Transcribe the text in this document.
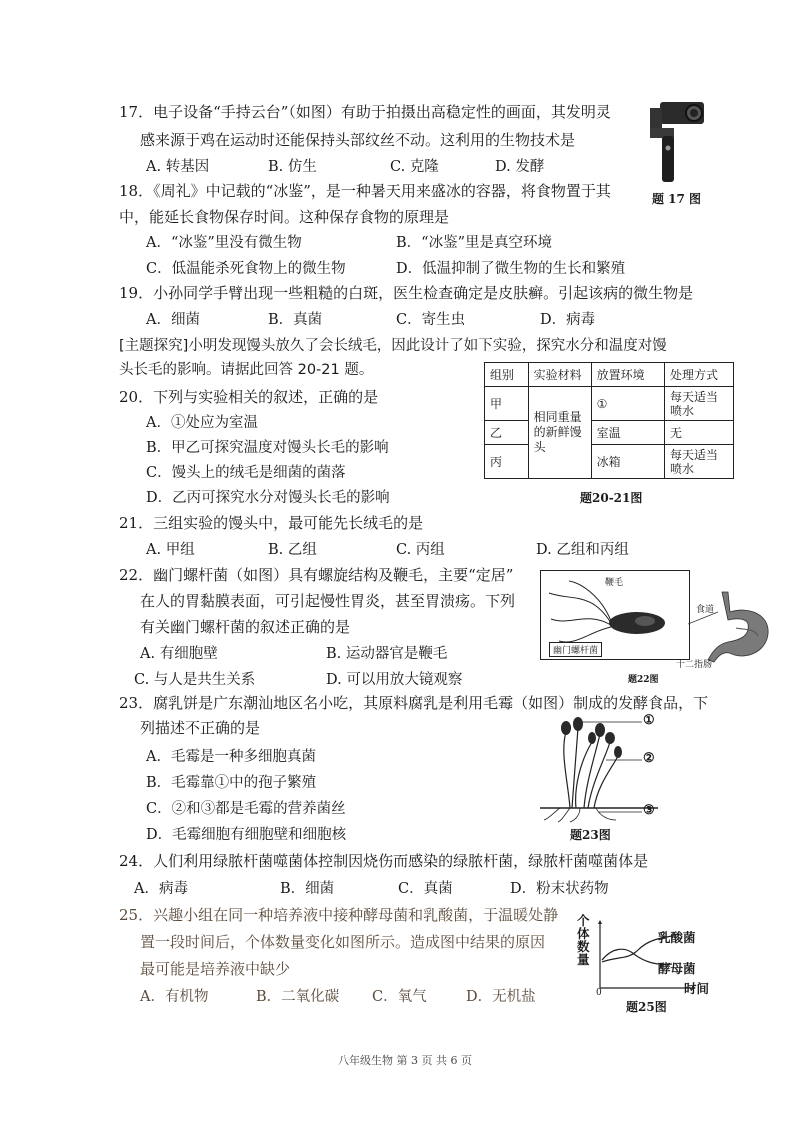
17．电子设备“手持云台”（如图）有助于拍摄出高稳定性的画面，其发明灵
感来源于鸡在运动时还能保持头部纹丝不动。这利用的生物技术是
A. 转基因	B. 仿生	C. 克隆	D. 发酵
题 17 图
18．《周礼》中记载的“冰鉴”，是一种暑天用来盛冰的容器，将食物置于其
中，能延长食物保存时间。这种保存食物的原理是
A．“冰鉴”里没有微生物	B．“冰鉴”里是真空环境
C．低温能杀死食物上的微生物	D．低温抑制了微生物的生长和繁殖
19．小孙同学手臂出现一些粗糙的白斑，医生检查确定是皮肤癣。引起该病的微生物是
A．细菌	B．真菌	C．寄生虫	D．病毒
[主题探究]小明发现馒头放久了会长绒毛，因此设计了如下实验，探究水分和温度对馒
头长毛的影响。请据此回答 20-21 题。
20．下列与实验相关的叙述，正确的是
A．①处应为室温
B．甲乙可探究温度对馒头长毛的影响
C．馒头上的绒毛是细菌的菌落
D．乙丙可探究水分对馒头长毛的影响
组别	实验材料	放置环境	处理方式
甲	相同重量的新鲜馒头	①	每天适当喷水
乙		室温	无
丙		冰箱	每天适当喷水
题20-21图
21．三组实验的馒头中，最可能先长绒毛的是
A. 甲组	B. 乙组	C. 丙组	D. 乙组和丙组
22．幽门螺杆菌（如图）具有螺旋结构及鞭毛，主要“定居”
在人的胃黏膜表面，可引起慢性胃炎，甚至胃溃疡。下列
有关幽门螺杆菌的叙述正确的是
A. 有细胞壁	B. 运动器官是鞭毛
C. 与人是共生关系	D. 可以用放大镜观察
鞭毛
幽门螺杆菌
食道
十二指肠
题22图
23．腐乳饼是广东潮汕地区名小吃，其原料腐乳是利用毛霉（如图）制成的发酵食品，下
列描述不正确的是
A．毛霉是一种多细胞真菌
B．毛霉靠①中的孢子繁殖
C．②和③都是毛霉的营养菌丝
D．毛霉细胞有细胞壁和细胞核
①
②
③
题23图
24．人们利用绿脓杆菌噬菌体控制因烧伤而感染的绿脓杆菌，绿脓杆菌噬菌体是
A．病毒	B．细菌	C．真菌	D．粉末状药物
25．兴趣小组在同一种培养液中接种酵母菌和乳酸菌，于温暖处静
置一段时间后，个体数量变化如图所示。造成图中结果的原因
最可能是培养液中缺少
A．有机物	B．二氧化碳 C．氧气	D．无机盐
个体数量
0	时间
乳酸菌
酵母菌
题25图
八年级生物 第 3 页 共 6 页
